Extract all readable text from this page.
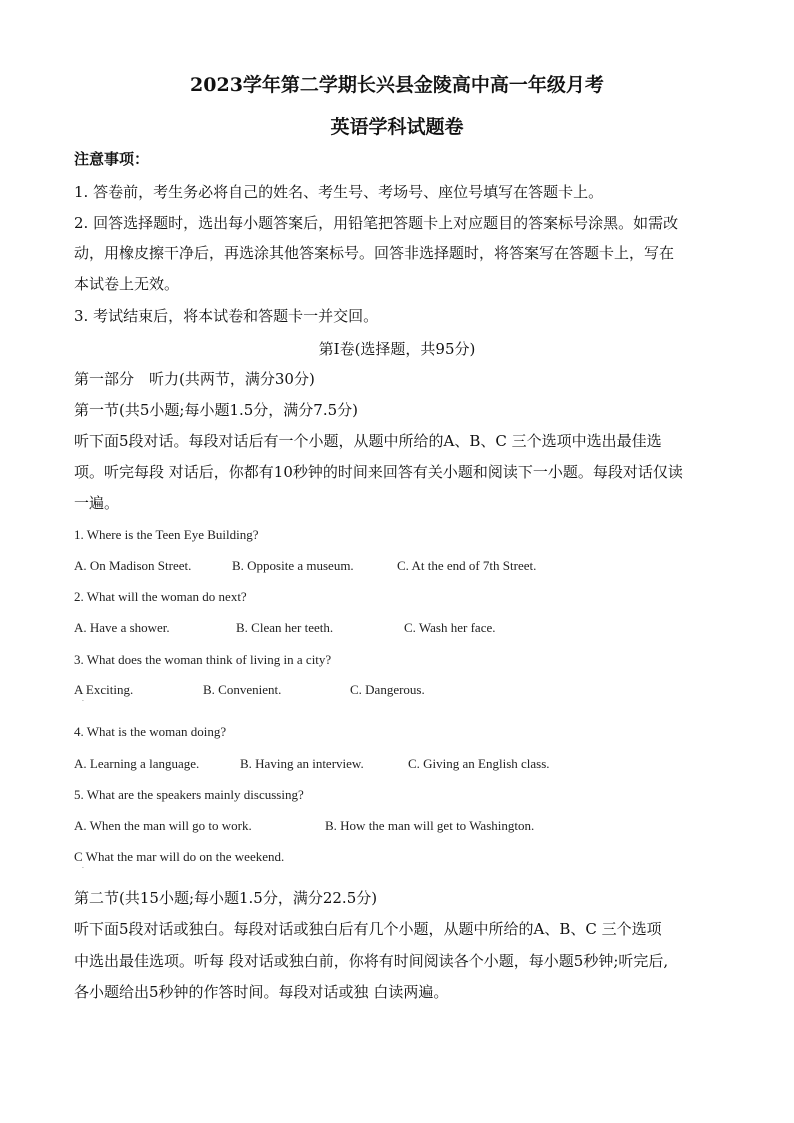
2023学年第二学期长兴县金陵高中高一年级月考
英语学科试题卷
注意事项：
1. 答卷前，考生务必将自己的姓名、考生号、考场号、座位号填写在答题卡上。
2. 回答选择题时，选出每小题答案后，用铅笔把答题卡上对应题目的答案标号涂黑。如需改
动，用橡皮擦干净后，再选涂其他答案标号。回答非选择题时，将答案写在答题卡上，写在
本试卷上无效。
3. 考试结束后，将本试卷和答题卡一并交回。
第I卷(选择题，共95分)
第一部分　听力(共两节，满分30分)
第一节(共5小题;每小题1.5分，满分7.5分)
听下面5段对话。每段对话后有一个小题，从题中所给的A、B、C 三个选项中选出最佳选
项。听完每段 对话后，你都有10秒钟的时间来回答有关小题和阅读下一小题。每段对话仅读
一遍。
1. Where is the Teen Eye Building?
A. On Madison Street.	B. Opposite a museum.	C. At the end of 7th Street.
2. What will the woman do next?
A. Have a shower.	B. Clean her teeth.	C. Wash her face.
3. What does the woman think of living in a city?
A Exciting.	B. Convenient.	C. Dangerous.
·
4. What is the woman doing?
A. Learning a language.	B. Having an interview.	C. Giving an English class.
5. What are the speakers mainly discussing?
A. When the man will go to work.	B. How the man will get to Washington.
C What the mar will do on the weekend.
·
第二节(共15小题;每小题1.5分，满分22.5分)
听下面5段对话或独白。每段对话或独白后有几个小题，从题中所给的A、B、C 三个选项
中选出最佳选项。听每 段对话或独白前，你将有时间阅读各个小题，每小题5秒钟;听完后,
各小题给出5秒钟的作答时间。每段对话或独 白读两遍。
